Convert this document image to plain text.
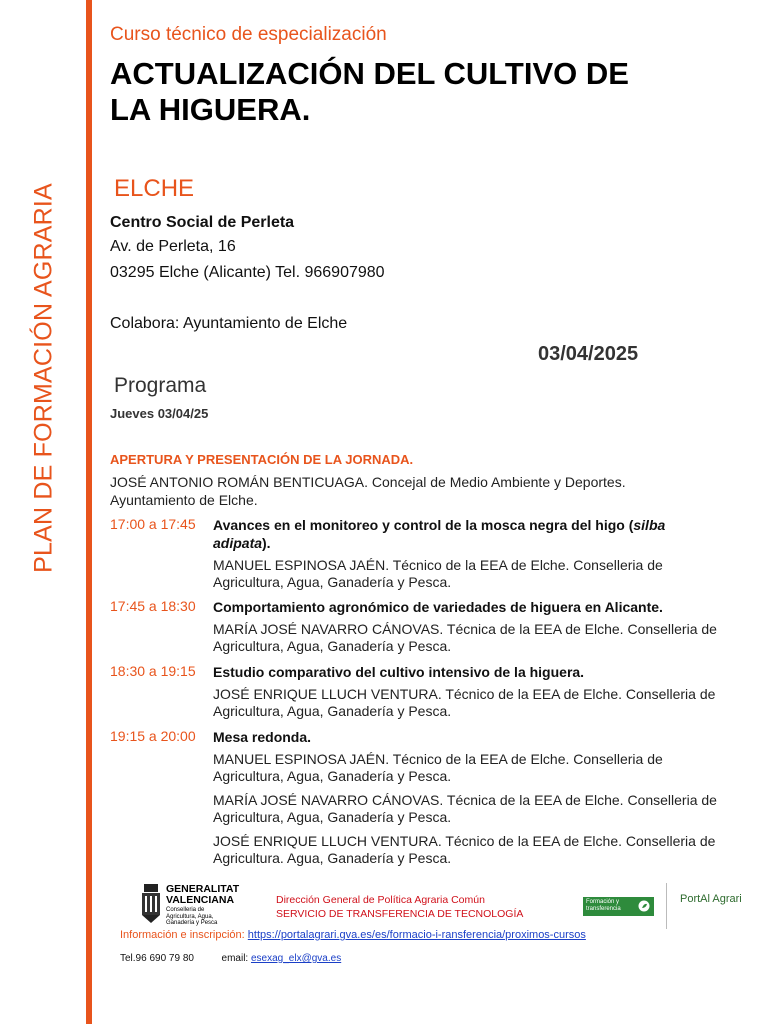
PLAN DE FORMACIÓN AGRARIA
Curso técnico de especialización
ACTUALIZACIÓN DEL CULTIVO DE
LA HIGUERA.
ELCHE
Centro Social de Perleta
Av. de Perleta, 16
03295 Elche (Alicante) Tel. 966907980
Colabora: Ayuntamiento de Elche
03/04/2025
Programa
Jueves 03/04/25
APERTURA Y PRESENTACIÓN DE LA JORNADA.
JOSÉ ANTONIO ROMÁN BENTICUAGA. Concejal de Medio Ambiente y Deportes. Ayuntamiento de Elche.
17:00 a 17:45 Avances en el monitoreo y control de la mosca negra del higo (silba adipata).
MANUEL ESPINOSA JAÉN. Técnico de la EEA de Elche. Conselleria de Agricultura, Agua, Ganadería y Pesca.
17:45 a 18:30 Comportamiento agronómico de variedades de higuera en Alicante.
MARÍA JOSÉ NAVARRO CÁNOVAS. Técnica de la EEA de Elche. Conselleria de Agricultura, Agua, Ganadería y Pesca.
18:30 a 19:15 Estudio comparativo del cultivo intensivo de la higuera.
JOSÉ ENRIQUE LLUCH VENTURA. Técnico de la EEA de Elche. Conselleria de Agricultura, Agua, Ganadería y Pesca.
19:15 a 20:00 Mesa redonda.
MANUEL ESPINOSA JAÉN. Técnico de la EEA de Elche. Conselleria de Agricultura, Agua, Ganadería y Pesca.
MARÍA JOSÉ NAVARRO CÁNOVAS. Técnica de la EEA de Elche. Conselleria de Agricultura, Agua, Ganadería y Pesca.
JOSÉ ENRIQUE LLUCH VENTURA. Técnico de la EEA de Elche. Conselleria de Agricultura. Agua, Ganadería y Pesca.
GENERALITAT
VALENCIANA
Conselleria de Agricultura, Agua, Ganadería y Pesca
Dirección General de Política Agraria Común
SERVICIO DE TRANSFERENCIA DE TECNOLOGÍA
Formación y transferencia
PortAl Agrari
Información e inscripción: https://portalagrari.gva.es/es/formacio-i-ransferencia/proximos-cursos
Tel.96 690 79 80	email: esexag_elx@gva.es
